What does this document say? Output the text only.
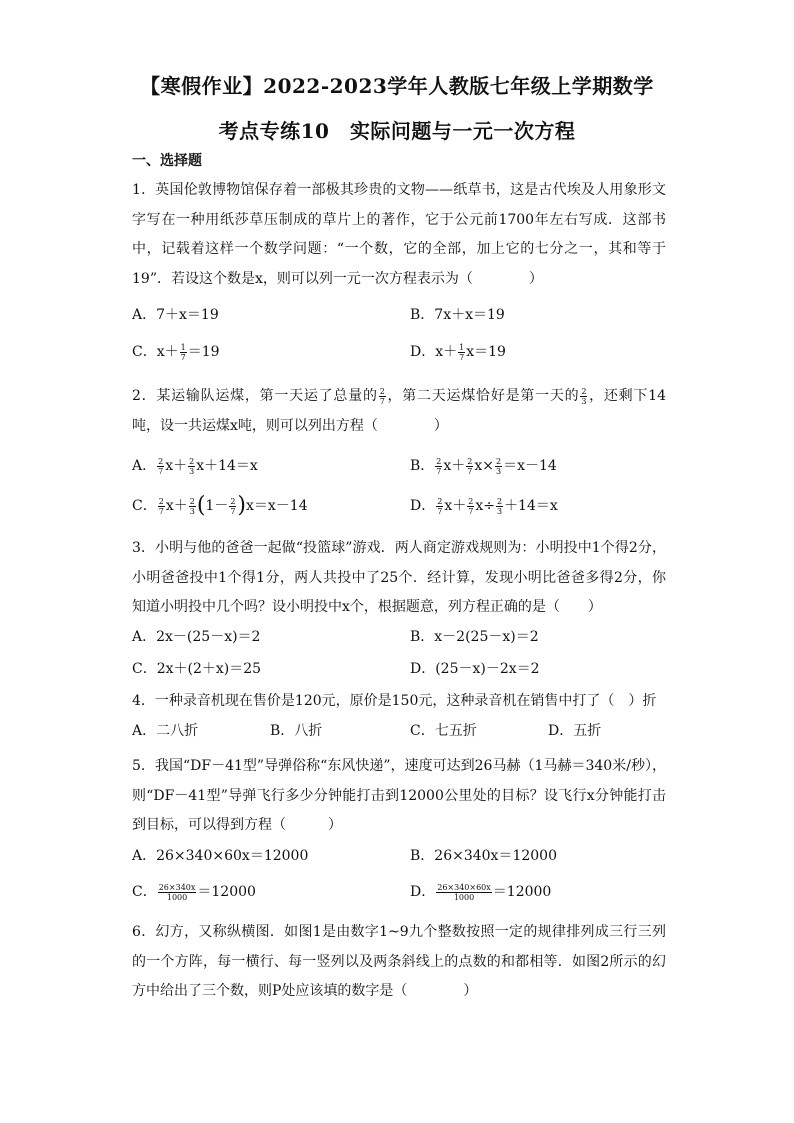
【寒假作业】2022-2023学年人教版七年级上学期数学
考点专练10　实际问题与一元一次方程
一、选择题
1．英国伦敦博物馆保存着一部极其珍贵的文物——纸草书，这是古代埃及人用象形文字写在一种用纸莎草压制成的草片上的著作，它于公元前1700年左右写成．这部书中，记载着这样一个数学问题：“一个数，它的全部，加上它的七分之一，其和等于19”．若设这个数是x，则可以列一元一次方程表示为（　　　　）
A．7＋x＝19	B．7x＋x＝19
C．$x+ \frac{1}{7} =19$	D．$x+ \frac{1}{7} x=19$
2．某运输队运煤，第一天运了总量的 $\frac{2}{7}$ ，第二天运煤恰好是第一天的 $\frac{2}{3}$ ，还剩下14吨，设一共运煤x吨，则可以列出方程（　　　　）
A． $\frac{2}{7} x+ \frac{2}{3} x+14=x$	B． $\frac{2}{7} x+ \frac{2}{7} x\times \frac{2}{3} =x-14$
C． $\frac{2}{7} x+ \frac{2}{3} (1- \frac{2}{7} )x=x-14$	D． $\frac{2}{7} x+ \frac{2}{7} x\div \frac{2}{3} +14=x$
3．小明与他的爸爸一起做“投篮球”游戏．两人商定游戏规则为：小明投中1个得2分，小明爸爸投中1个得1分，两人共投中了25个．经计算，发现小明比爸爸多得2分，你知道小明投中几个吗？设小明投中x个，根据题意，列方程正确的是（　　）
A．2x－(25－x)＝2	B．x－2(25－x)＝2
C．2x＋(2＋x)＝25	D．(25－x)－2x＝2
4．一种录音机现在售价是120元，原价是150元，这种录音机在销售中打了（　）折
A．二八折	B．八折	C．七五折	D．五折
5．我国“DF－41型”导弹俗称“东风快递”，速度可达到26马赫（1马赫＝340米/秒），则“DF－41型”导弹飞行多少分钟能打击到12000公里处的目标？设飞行x分钟能打击到目标，可以得到方程（　　　）
A．26×340×60x＝12000	B．26×340x＝12000
C． $\frac{26\times 340x}{1000} =12000$	D． $\frac{26\times 340\times 60x}{1000} =12000$
6．幻方，又称纵横图．如图1是由数字1~9九个整数按照一定的规律排列成三行三列的一个方阵，每一横行、每一竖列以及两条斜线上的点数的和都相等．如图2所示的幻方中给出了三个数，则P处应该填的数字是（　　　　）
